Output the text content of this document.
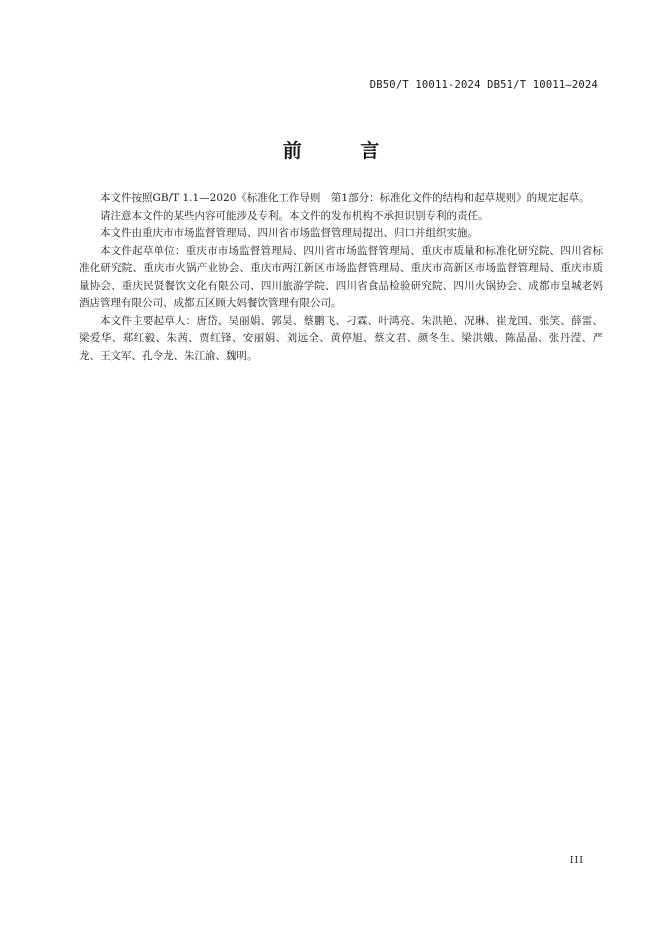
DB50/T 10011-2024 DB51/T 10011—2024
前 言

本文件按照GB/T 1.1—2020《标准化工作导则　第1部分：标准化文件的结构和起草规则》的规定起草。

请注意本文件的某些内容可能涉及专利。本文件的发布机构不承担识别专利的责任。

本文件由重庆市市场监督管理局、四川省市场监督管理局提出、归口并组织实施。

本文件起草单位：重庆市市场监督管理局、四川省市场监督管理局、重庆市质量和标准化研究院、四川省标准化研究院、重庆市火锅产业协会、重庆市两江新区市场监督管理局、重庆市高新区市场监督管理局、重庆市质量协会、重庆民贤餐饮文化有限公司、四川旅游学院、四川省食品检验研究院、四川火锅协会、成都市皇城老妈酒店管理有限公司、成都五区顾大妈餐饮管理有限公司。

本文件主要起草人：唐岱、吴丽娟、郭昊、蔡鹏飞、刁霖、叶鸿亮、朱洪艳、况琳、崔龙国、张笑、薛雷、梁爱华、郑红毅、朱茜、贾红锋、安丽娟、刘远全、黄停旭、蔡文君、颜冬生、梁洪娥、陈晶晶、张丹滢、严龙、王文军、孔令龙、朱江渝、魏明。

III
